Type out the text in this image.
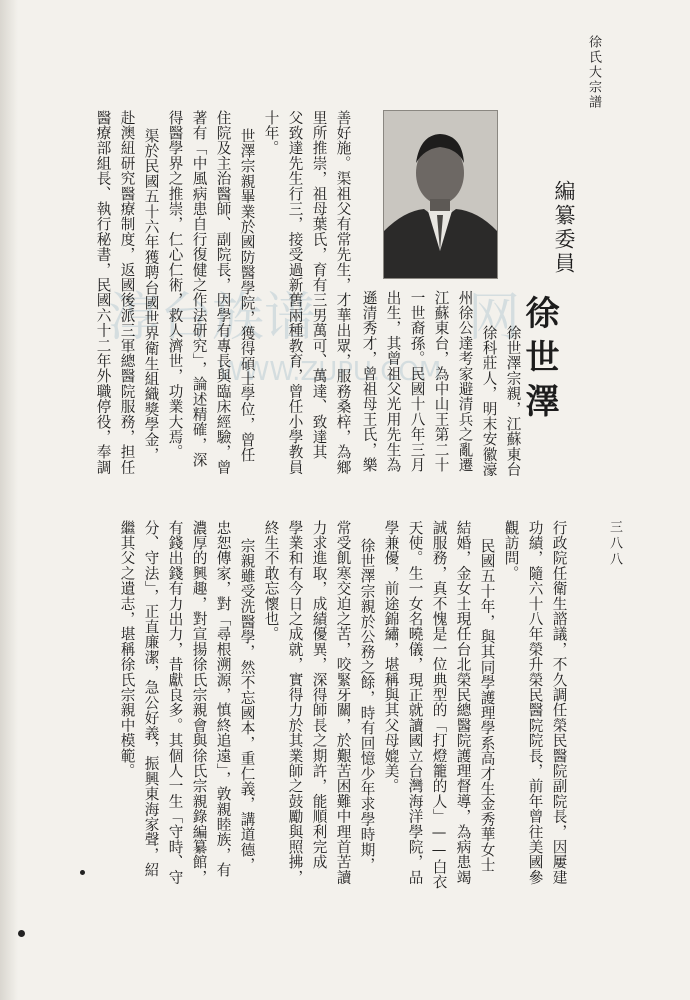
徐氏大宗譜
三八八
編纂委員
徐世澤
淳台族谱	网
WWW.ZUPU.COM	徐世澤宗親，江蘇東台
徐科莊人，明末安徽濠
州徐公達考家避清兵之亂遷
江蘇東台，為中山王第二十
一世裔孫。民國十八年三月
出生，其曾祖父光用先生為
遜清秀才，曾祖母王氏，樂
善好施。渠祖父有常先生，才華出眾，服務桑梓，為鄉
里所推崇，祖母葉氏，育有三男萬可、萬達、致達其
父致達先生行三，接受過新舊兩種教育，曾任小學教員
十年。
世澤宗親畢業於國防醫學院，獲得碩士學位，曾任
住院及主治醫師、副院長，因學有專長與臨床經驗，曾
著有「中風病患自行復健之作法研究」，論述精確，深
得醫學界之推崇，仁心仁術，救人濟世，功業大焉。
渠於民國五十六年獲聘台國世界衛生組織獎學金，
赴澳紐研究醫療制度，返國後派三軍總醫院服務，担任
醫療部組長、執行秘書，民國六十二年外職停役，奉調
行政院任衛生諮議，不久調任榮民醫院副院長，因屢建
功績，隨六十八年榮升榮民醫院院長，前年曾往美國參
觀訪問。
民國五十年，與其同學護理學系高才生金秀華女士
結婚，金女士現任台北榮民總醫院護理督導，為病患竭
誠服務，真不愧是一位典型的「打燈籠的人」——白衣
天使。生一女名曉儀，現正就讀國立台灣海洋學院，品
學兼優，前途錦繡，堪稱與其父母媲美。
徐世澤宗親於公務之餘，時有回憶少年求學時期，
常受飢寒交迫之苦，咬緊牙關，於艱苦困難中理首苦讀
力求進取，成績優異，深得師長之期許，能順利完成
學業和有今日之成就，實得力於其業師之鼓勵與照拂，
終生不敢忘懷也。
宗親雖受洗醫學，然不忘國本，重仁義，講道德，
忠恕傳家，對「尋根溯源，慎終追遠」，敦親睦族，有
濃厚的興趣，對宣揚徐氏宗親會與徐氏宗親錄編纂館，
有錢出錢有力出力，昔獻良多。其個人一生「守時、守
分、守法」，正直廉潔，急公好義，振興東海家聲，紹
繼其父之遺志，堪稱徐氏宗親中模範。
